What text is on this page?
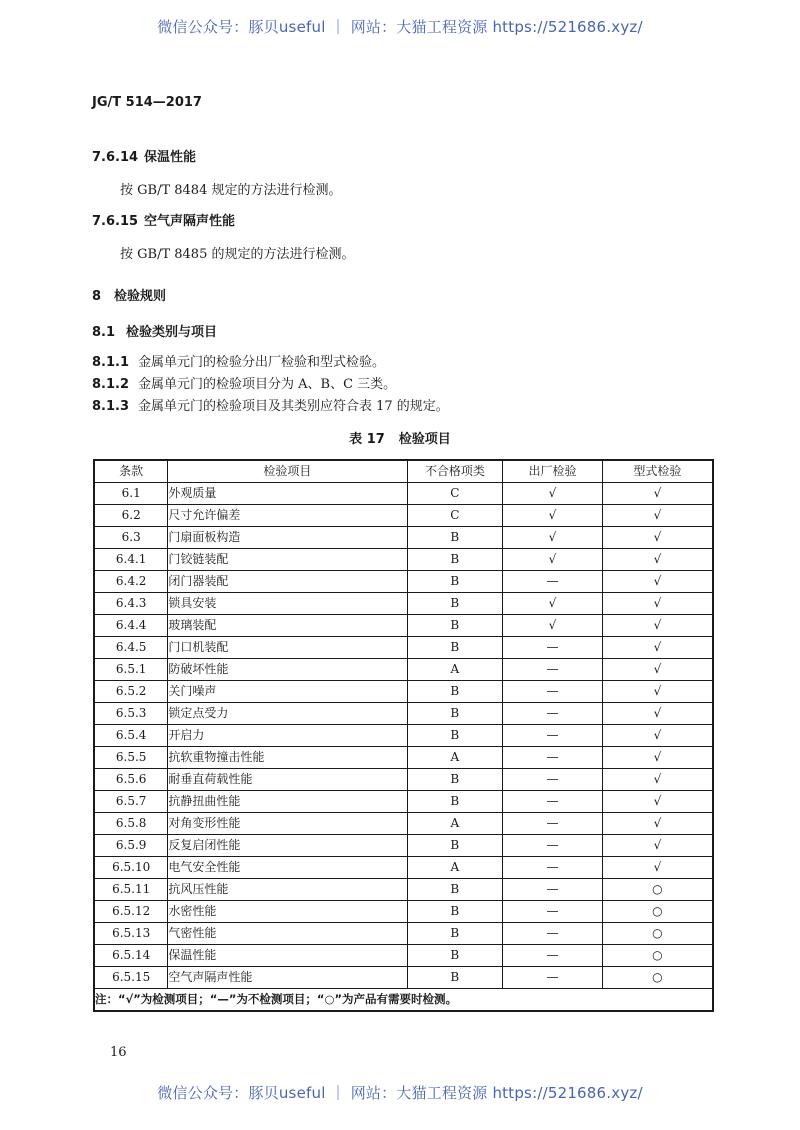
微信公众号：豚贝useful ｜ 网站：大猫工程资源 https://521686.xyz/
JG/T 514—2017
7.6.14 保温性能
按 GB/T 8484 规定的方法进行检测。
7.6.15 空气声隔声性能
按 GB/T 8485 的规定的方法进行检测。
8 检验规则
8.1 检验类别与项目
8.1.1 金属单元门的检验分出厂检验和型式检验。
8.1.2 金属单元门的检验项目分为 A、B、C 三类。
8.1.3 金属单元门的检验项目及其类别应符合表 17 的规定。
表 17 检验项目
条款	检验项目	不合格项类	出厂检验	型式检验
6.1	外观质量	C	√	√
6.2	尺寸允许偏差	C	√	√
6.3	门扇面板构造	B	√	√
6.4.1	门铰链装配	B	√	√
6.4.2	闭门器装配	B	—	√
6.4.3	锁具安装	B	√	√
6.4.4	玻璃装配	B	√	√
6.4.5	门口机装配	B	—	√
6.5.1	防破坏性能	A	—	√
6.5.2	关门噪声	B	—	√
6.5.3	锁定点受力	B	—	√
6.5.4	开启力	B	—	√
6.5.5	抗软重物撞击性能	A	—	√
6.5.6	耐垂直荷载性能	B	—	√
6.5.7	抗静扭曲性能	B	—	√
6.5.8	对角变形性能	A	—	√
6.5.9	反复启闭性能	B	—	√
6.5.10	电气安全性能	A	—	√
6.5.11	抗风压性能	B	—	○
6.5.12	水密性能	B	—	○
6.5.13	气密性能	B	—	○
6.5.14	保温性能	B	—	○
6.5.15	空气声隔声性能	B	—	○
注：“√”为检测项目；“—”为不检测项目；“○”为产品有需要时检测。				
16
微信公众号：豚贝useful ｜ 网站：大猫工程资源 https://521686.xyz/
